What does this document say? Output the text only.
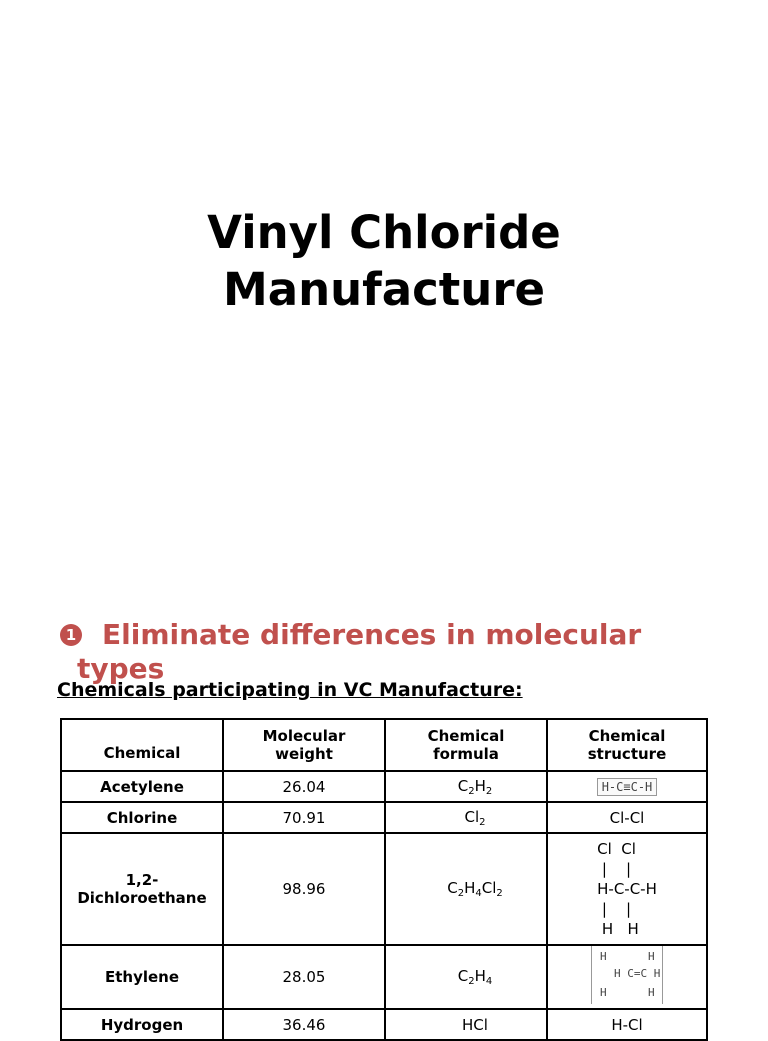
Vinyl Chloride
Manufacture
1 Eliminate differences in molecular
types
Chemicals participating in VC Manufacture:
Chemical	Molecular weight	Chemical formula	Chemical structure
Acetylene	26.04	$C_2H_2$	H-C≡C-H
Chlorine	70.91	$Cl_2$	Cl-Cl
1,2-Dichloroethane	98.96	$C_2H_4Cl_2$	Cl  Cl
|    |
H-C-C-H
|    |
H   H
Ethylene	28.05	$C_2H_4$	H H
H C=C H
H H

Hydrogen	36.46	HCl	H-Cl
